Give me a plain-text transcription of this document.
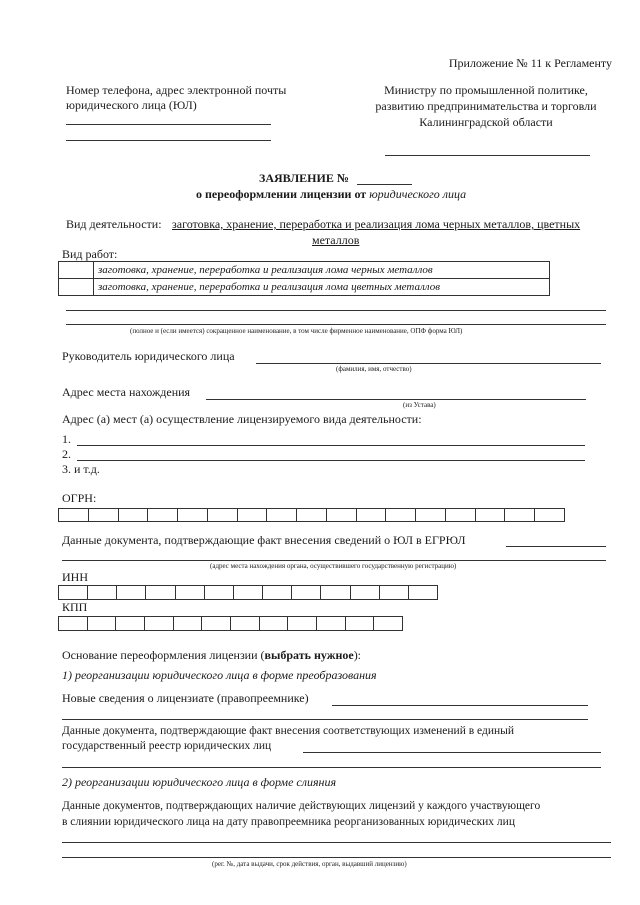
Приложение № 11 к Регламенту
Номер телефона, адрес электронной почты
юридического лица (ЮЛ)
Министру по промышленной политике,
развитию предпринимательства и торговли
Калининградской области
ЗАЯВЛЕНИЕ №
о переоформлении лицензии от юридического лица
Вид деятельности: заготовка, хранение, переработка и реализация лома черных металлов, цветных
металлов
Вид работ:
	заготовка, хранение, переработка и реализация лома черных металлов
	заготовка, хранение, переработка и реализация лома цветных металлов
(полное и (если имеется) сокращенное наименование, в том числе фирменное наименование, ОПФ форма ЮЛ)
Руководитель юридического лица
(фамилия, имя, отчество)
Адрес места нахождения
(из Устава)
Адрес (а) мест (а) осуществление лицензируемого вида деятельности:
1.
2.
3. и т.д.
ОГРН:
Данные документа, подтверждающие факт внесения сведений о ЮЛ в ЕГРЮЛ
(адрес места нахождения органа, осуществившего государственную регистрацию)
ИНН
КПП
Основание переоформления лицензии (выбрать нужное):
1) реорганизации юридического лица в форме преобразования
Новые сведения о лицензиате (правопреемнике)
Данные документа, подтверждающие факт внесения соответствующих изменений в единый
государственный реестр юридических лиц
2) реорганизации юридического лица в форме слияния
Данные документов, подтверждающих наличие действующих лицензий у каждого участвующего
в слиянии юридического лица на дату правопреемника реорганизованных юридических лиц
(рег. №, дата выдачи, срок действия, орган, выдавший лицензию)
